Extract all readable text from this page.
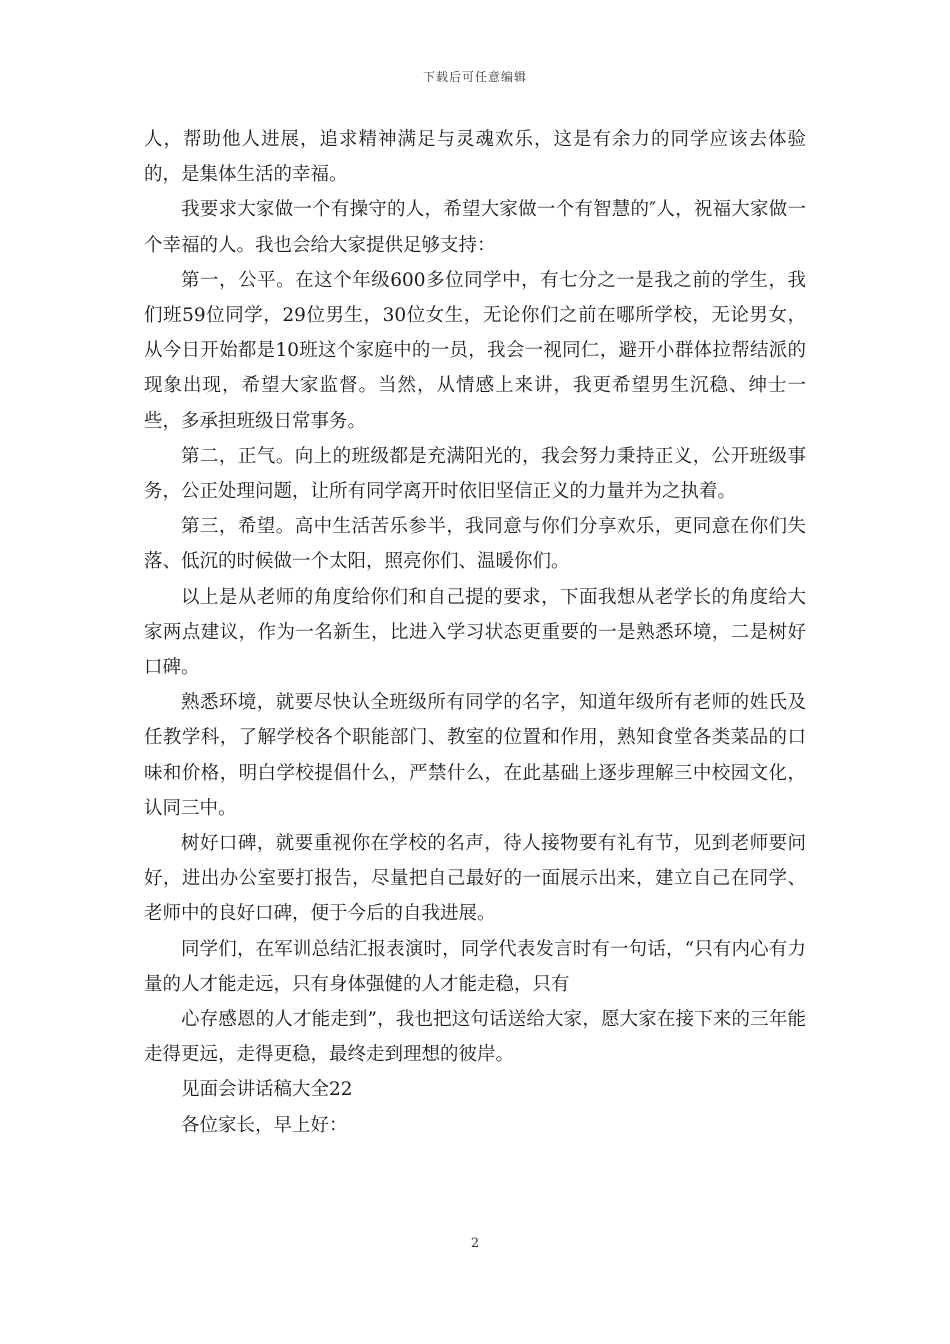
下载后可任意编辑

人，帮助他人进展，追求精神满足与灵魂欢乐，这是有余力的同学应该去体验的，是集体生活的幸福。

我要求大家做一个有操守的人，希望大家做一个有智慧的″人，祝福大家做一个幸福的人。我也会给大家提供足够支持：

第一，公平。在这个年级600多位同学中，有七分之一是我之前的学生，我们班59位同学，29位男生，30位女生，无论你们之前在哪所学校，无论男女，从今日开始都是10班这个家庭中的一员，我会一视同仁，避开小群体拉帮结派的现象出现，希望大家监督。当然，从情感上来讲，我更希望男生沉稳、绅士一些，多承担班级日常事务。

第二，正气。向上的班级都是充满阳光的，我会努力秉持正义，公开班级事务，公正处理问题，让所有同学离开时依旧坚信正义的力量并为之执着。

第三，希望。高中生活苦乐参半，我同意与你们分享欢乐，更同意在你们失落、低沉的时候做一个太阳，照亮你们、温暖你们。

以上是从老师的角度给你们和自己提的要求，下面我想从老学长的角度给大家两点建议，作为一名新生，比进入学习状态更重要的一是熟悉环境，二是树好口碑。

熟悉环境，就要尽快认全班级所有同学的名字，知道年级所有老师的姓氏及任教学科，了解学校各个职能部门、教室的位置和作用，熟知食堂各类菜品的口味和价格，明白学校提倡什么，严禁什么，在此基础上逐步理解三中校园文化，认同三中。

树好口碑，就要重视你在学校的名声，待人接物要有礼有节，见到老师要问好，进出办公室要打报告，尽量把自己最好的一面展示出来，建立自己在同学、老师中的良好口碑，便于今后的自我进展。

同学们，在军训总结汇报表演时，同学代表发言时有一句话，“只有内心有力量的人才能走远，只有身体强健的人才能走稳，只有

心存感恩的人才能走到”，我也把这句话送给大家，愿大家在接下来的三年能走得更远，走得更稳，最终走到理想的彼岸。

见面会讲话稿大全22

各位家长，早上好：

2
